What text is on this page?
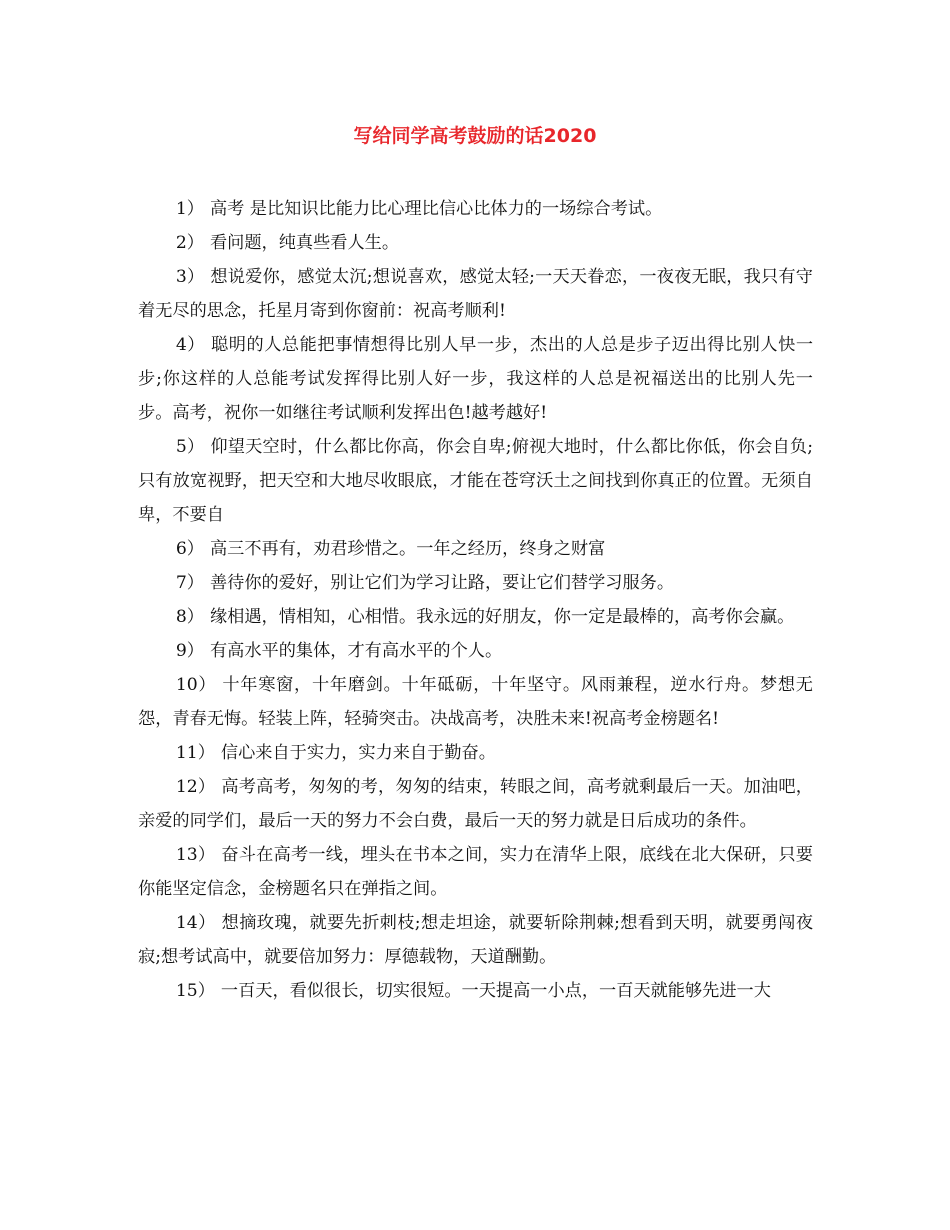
写给同学高考鼓励的话2020

1） 高考 是比知识比能力比心理比信心比体力的一场综合考试。

2） 看问题，纯真些看人生。

3） 想说爱你，感觉太沉;想说喜欢，感觉太轻;一天天眷恋，一夜夜无眠，我只有守着无尽的思念，托星月寄到你窗前：祝高考顺利!

4） 聪明的人总能把事情想得比别人早一步，杰出的人总是步子迈出得比别人快一步;你这样的人总能考试发挥得比别人好一步，我这样的人总是祝福送出的比别人先一步。高考，祝你一如继往考试顺利发挥出色!越考越好!

5） 仰望天空时，什么都比你高，你会自卑;俯视大地时，什么都比你低，你会自负;只有放宽视野，把天空和大地尽收眼底，才能在苍穹沃土之间找到你真正的位置。无须自卑，不要自

6） 高三不再有，劝君珍惜之。一年之经历，终身之财富

7） 善待你的爱好，别让它们为学习让路，要让它们替学习服务。

8） 缘相遇，情相知，心相惜。我永远的好朋友，你一定是最棒的，高考你会赢。

9） 有高水平的集体，才有高水平的个人。

10） 十年寒窗，十年磨剑。十年砥砺，十年坚守。风雨兼程，逆水行舟。梦想无怨，青春无悔。轻装上阵，轻骑突击。决战高考，决胜未来!祝高考金榜题名!

11） 信心来自于实力，实力来自于勤奋。

12） 高考高考，匆匆的考，匆匆的结束，转眼之间，高考就剩最后一天。加油吧，亲爱的同学们，最后一天的努力不会白费，最后一天的努力就是日后成功的条件。

13） 奋斗在高考一线，埋头在书本之间，实力在清华上限，底线在北大保研，只要你能坚定信念，金榜题名只在弹指之间。

14） 想摘玫瑰，就要先折刺枝;想走坦途，就要斩除荆棘;想看到天明，就要勇闯夜寂;想考试高中，就要倍加努力：厚德载物，天道酬勤。

15） 一百天，看似很长，切实很短。一天提高一小点，一百天就能够先进一大
